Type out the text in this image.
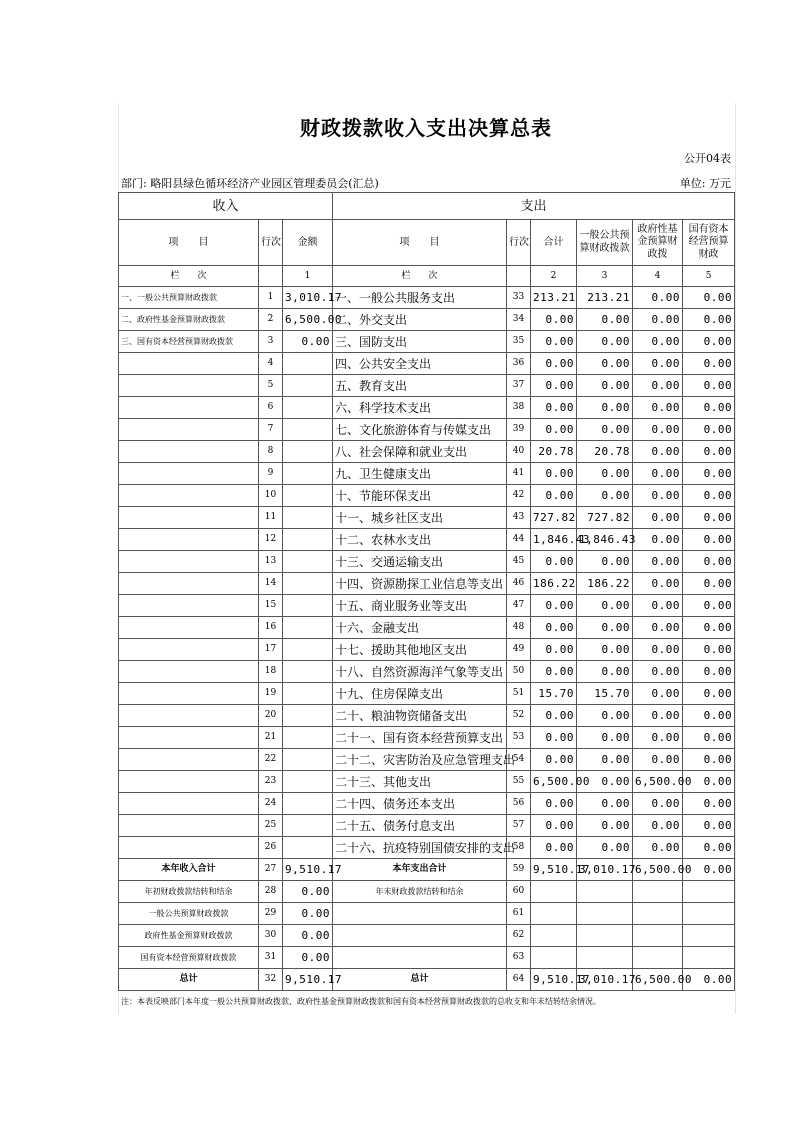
财政拨款收入支出决算总表
公开04表
部门: 略阳县绿色循环经济产业园区管理委员会(汇总)	单位: 万元
收入			支出					
项　　目	行次	金额	项　　目	行次	合计	一般公共预算财政拨款	政府性基金预算财政拨	国有资本经营预算财政
栏　　次		1	栏　　次		2	3	4	5
一、一般公共预算财政拨款	1	3,010.17	一、一般公共服务支出	33	213.21	213.21	0.00	0.00
二、政府性基金预算财政拨款	2	6,500.00	二、外交支出	34	0.00	0.00	0.00	0.00
三、国有资本经营预算财政拨款	3	0.00	三、国防支出	35	0.00	0.00	0.00	0.00
	4		四、公共安全支出	36	0.00	0.00	0.00	0.00
	5		五、教育支出	37	0.00	0.00	0.00	0.00
	6		六、科学技术支出	38	0.00	0.00	0.00	0.00
	7		七、文化旅游体育与传媒支出	39	0.00	0.00	0.00	0.00
	8		八、社会保障和就业支出	40	20.78	20.78	0.00	0.00
	9		九、卫生健康支出	41	0.00	0.00	0.00	0.00
	10		十、节能环保支出	42	0.00	0.00	0.00	0.00
	11		十一、城乡社区支出	43	727.82	727.82	0.00	0.00
	12		十二、农林水支出	44	1,846.43	1,846.43	0.00	0.00
	13		十三、交通运输支出	45	0.00	0.00	0.00	0.00
	14		十四、资源勘探工业信息等支出	46	186.22	186.22	0.00	0.00
	15		十五、商业服务业等支出	47	0.00	0.00	0.00	0.00
	16		十六、金融支出	48	0.00	0.00	0.00	0.00
	17		十七、援助其他地区支出	49	0.00	0.00	0.00	0.00
	18		十八、自然资源海洋气象等支出	50	0.00	0.00	0.00	0.00
	19		十九、住房保障支出	51	15.70	15.70	0.00	0.00
	20		二十、粮油物资储备支出	52	0.00	0.00	0.00	0.00
	21		二十一、国有资本经营预算支出	53	0.00	0.00	0.00	0.00
	22		二十二、灾害防治及应急管理支出	54	0.00	0.00	0.00	0.00
	23		二十三、其他支出	55	6,500.00	0.00	6,500.00	0.00
	24		二十四、债务还本支出	56	0.00	0.00	0.00	0.00
	25		二十五、债务付息支出	57	0.00	0.00	0.00	0.00
	26		二十六、抗疫特别国债安排的支出	58	0.00	0.00	0.00	0.00
本年收入合计	27	9,510.17	本年支出合计	59	9,510.17	3,010.17	6,500.00	0.00
年初财政拨款结转和结余	28	0.00	年末财政拨款结转和结余	60				
一般公共预算财政拨款	29	0.00		61				
政府性基金预算财政拨款	30	0.00		62				
国有资本经营预算财政拨款	31	0.00		63				
总计	32	9,510.17	总计	64	9,510.17	3,010.17	6,500.00	0.00
注：本表反映部门本年度一般公共预算财政拨款、政府性基金预算财政拨款和国有资本经营预算财政拨款的总收支和年末结转结余情况。
